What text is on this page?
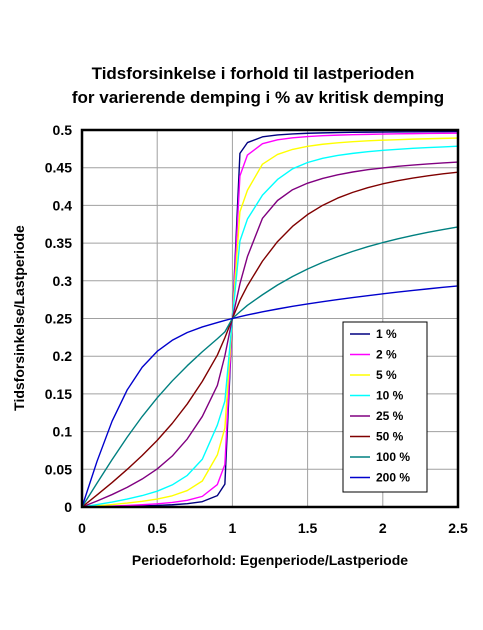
Tidsforsinkelse i forhold til lastperioden
for varierende demping i % av kritisk demping
0
0.05
0.1
0.15
0.2
0.25
0.3
0.35
0.4
0.45
0.5
0	0.5	1	1.5	2	2.5
Periodeforhold: Egenperiode/Lastperiode
Tidsforsinkelse/Lastperiode	1 %
2 %
5 %
10 %
25 %
50 %
100 %
200 %
